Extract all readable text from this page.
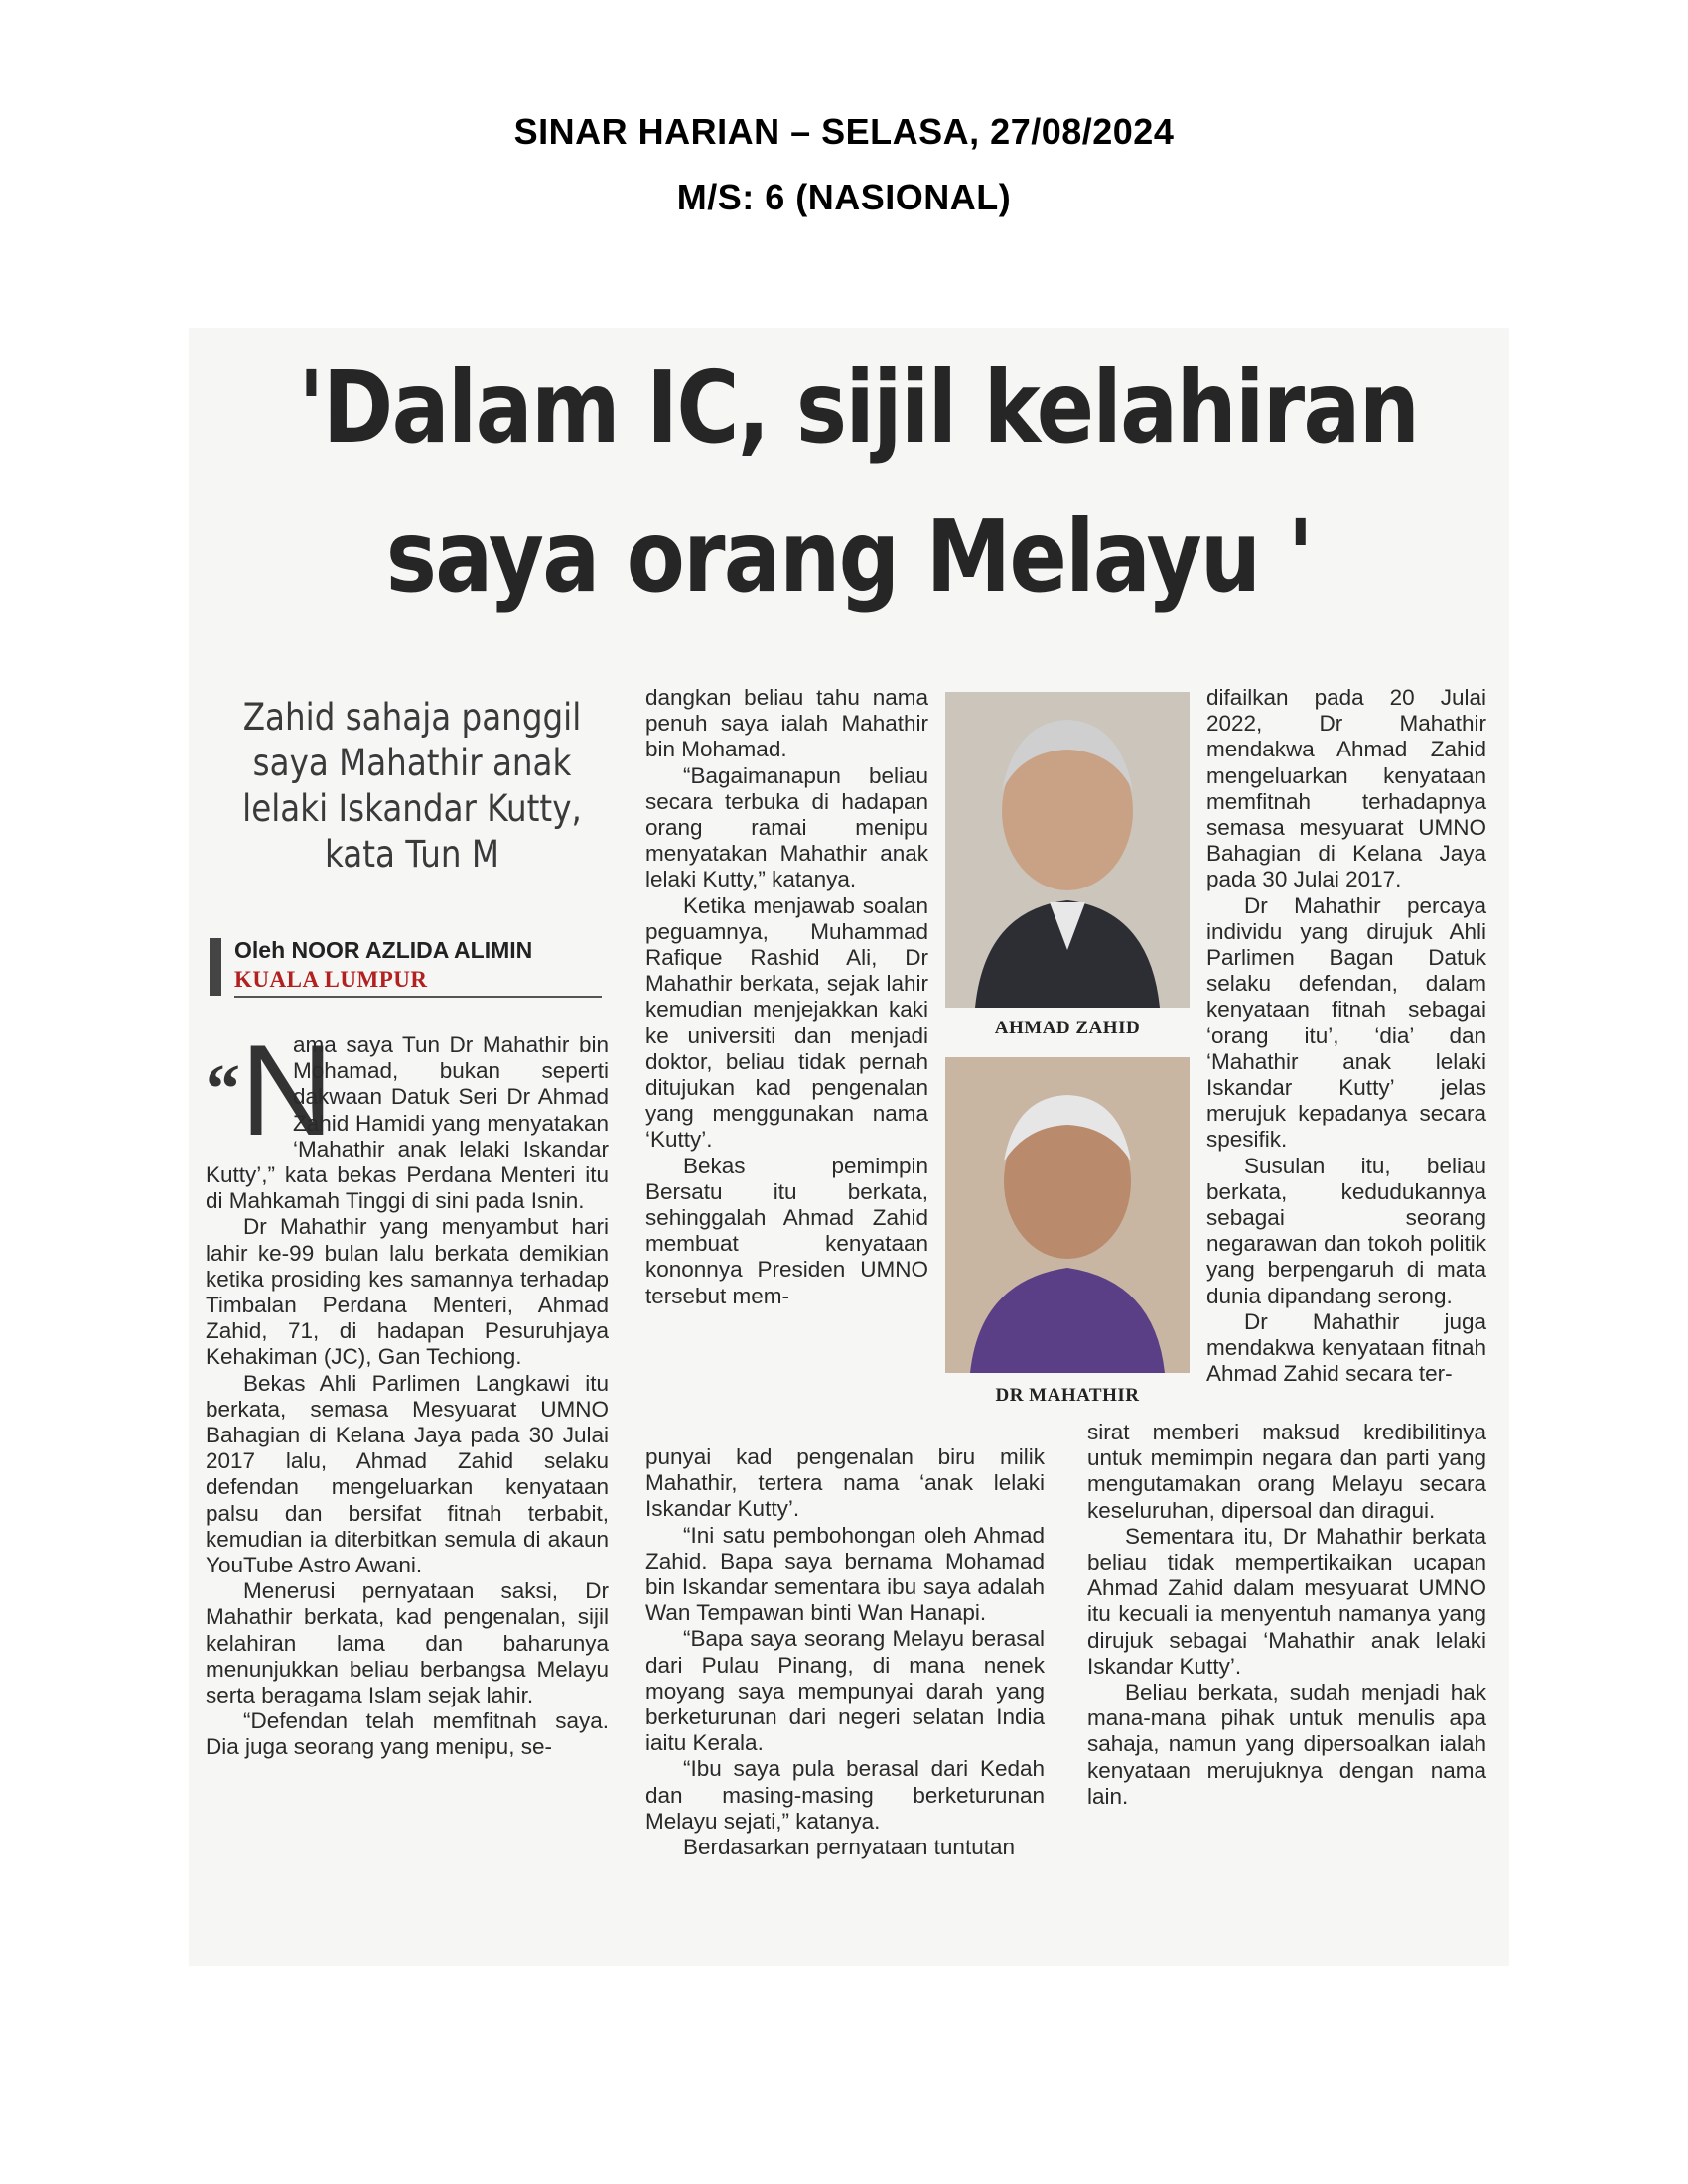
SINAR HARIAN – SELASA, 27/08/2024
M/S: 6 (NASIONAL)
'Dalam IC, sijil kelahiran
saya orang Melayu '
Zahid sahaja panggil
saya Mahathir anak
lelaki Iskandar Kutty,
kata Tun M
Oleh NOOR AZLIDA ALIMIN
KUALA LUMPUR

“N
ama saya Tun Dr Mahathir bin Mohamad, bukan seperti dakwaan Datuk Seri Dr Ahmad Zahid Hamidi yang menyatakan ‘Mahathir anak lelaki Iskandar Kutty’,” kata bekas Perdana Menteri itu di Mahkamah Tinggi di sini pada Isnin.

Dr Mahathir yang menyambut hari lahir ke-99 bulan lalu berkata demikian ketika prosiding kes samannya terhadap Timbalan Perdana Menteri, Ahmad Zahid, 71, di hadapan Pesuruhjaya Kehakiman (JC), Gan Techiong.

Bekas Ahli Parlimen Langkawi itu berkata, semasa Mesyuarat UMNO Bahagian di Kelana Jaya pada 30 Julai 2017 lalu, Ahmad Zahid selaku defendan mengeluarkan kenyataan palsu dan bersifat fitnah terbabit, kemudian ia diterbitkan semula di akaun YouTube Astro Awani.

Menerusi pernyataan saksi, Dr Mahathir berkata, kad pengenalan, sijil kelahiran lama dan baharunya menunjukkan beliau berbangsa Melayu serta beragama Islam sejak lahir.

“Defendan telah memfitnah saya. Dia juga seorang yang menipu, se-

dangkan beliau tahu nama penuh saya ialah Mahathir bin Mohamad.

“Bagaimanapun beliau secara terbuka di hadapan orang ramai menipu menyatakan Mahathir anak lelaki Kutty,” katanya.

Ketika menjawab soalan peguamnya, Muhammad Rafique Rashid Ali, Dr Mahathir berkata, sejak lahir kemudian menjejakkan kaki ke universiti dan menjadi doktor, beliau tidak pernah ditujukan kad pengenalan yang menggunakan nama ‘Kutty’.

Bekas pemimpin Bersatu itu berkata, sehinggalah Ahmad Zahid membuat kenyataan kononnya Presiden UMNO tersebut mem-

punyai kad pengenalan biru milik Mahathir, tertera nama ‘anak lelaki Iskandar Kutty’.

“Ini satu pembohongan oleh Ahmad Zahid. Bapa saya bernama Mohamad bin Iskandar sementara ibu saya adalah Wan Tempawan binti Wan Hanapi.

“Bapa saya seorang Melayu berasal dari Pulau Pinang, di mana nenek moyang saya mempunyai darah yang berketurunan dari negeri selatan India iaitu Kerala.

“Ibu saya pula berasal dari Kedah dan masing-masing berketurunan Melayu sejati,” katanya.

Berdasarkan pernyataan tuntutan

AHMAD ZAHID
DR MAHATHIR

difailkan pada 20 Julai 2022, Dr Mahathir mendakwa Ahmad Zahid mengeluarkan kenyataan memfitnah terhadapnya semasa mesyuarat UMNO Bahagian di Kelana Jaya pada 30 Julai 2017.

Dr Mahathir percaya individu yang dirujuk Ahli Parlimen Bagan Datuk selaku defendan, dalam kenyataan fitnah sebagai ‘orang itu’, ‘dia’ dan ‘Mahathir anak lelaki Iskandar Kutty’ jelas merujuk kepadanya secara spesifik.

Susulan itu, beliau berkata, kedudukannya sebagai seorang negarawan dan tokoh politik yang berpengaruh di mata dunia dipandang serong.

Dr Mahathir juga mendakwa kenyataan fitnah Ahmad Zahid secara ter-

sirat memberi maksud kredibilitinya untuk memimpin negara dan parti yang mengutamakan orang Melayu secara keseluruhan, dipersoal dan diragui.

Sementara itu, Dr Mahathir berkata beliau tidak mempertikaikan ucapan Ahmad Zahid dalam mesyuarat UMNO itu kecuali ia menyentuh namanya yang dirujuk sebagai ‘Mahathir anak lelaki Iskandar Kutty’.

Beliau berkata, sudah menjadi hak mana-mana pihak untuk menulis apa sahaja, namun yang dipersoalkan ialah kenyataan merujuknya dengan nama lain.
